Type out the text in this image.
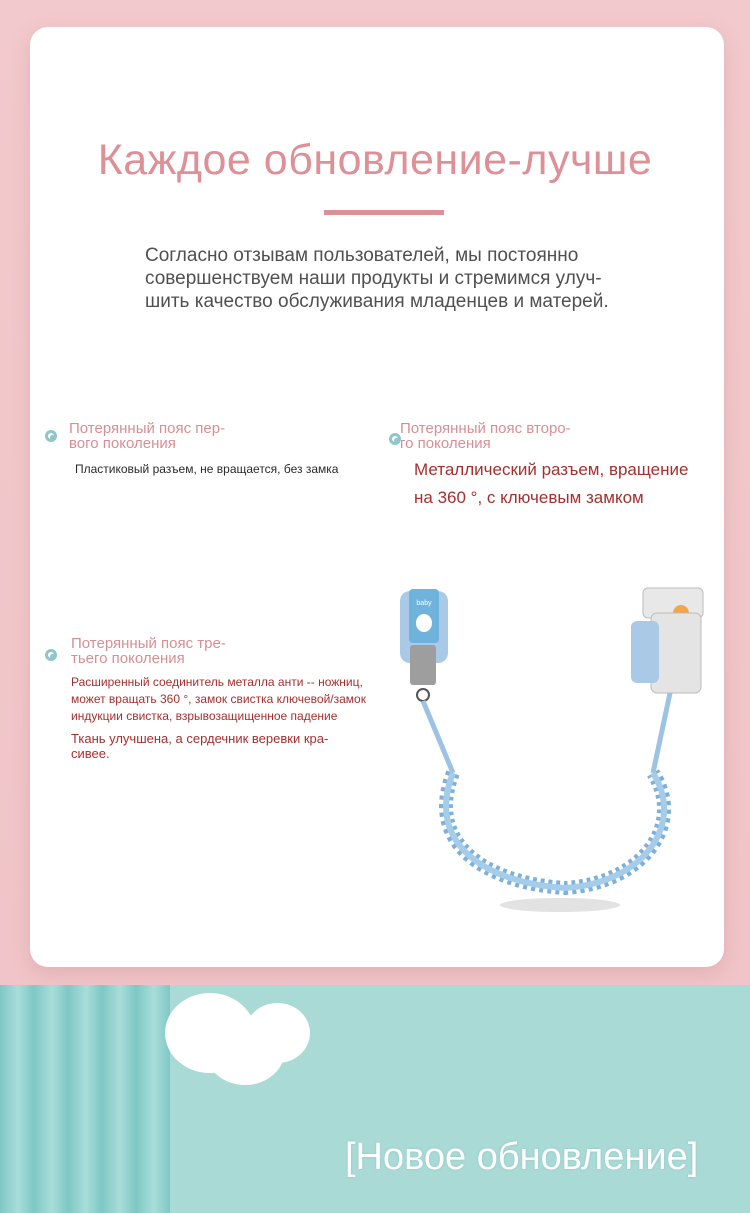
Каждое обновление-лучше
Согласно отзывам пользователей, мы постоянно
совершенствуем наши продукты и стремимся улуч-
шить качество обслуживания младенцев и матерей.
Потерянный пояс пер-
вого поколения
Пластиковый разъем, не вращается, без замка
Потерянный пояс второ-
го поколения
Металлический разъем, вращение
на 360 °, с ключевым замком
Потерянный пояс тре-
тьего поколения
Расширенный соединитель металла анти -- ножниц,
может вращать 360 °, замок свистка ключевой/замок
индукции свистка, взрывозащищенное падение
Ткань улучшена, а сердечник веревки кра-
сивее.
baby
[Новое обновление]
